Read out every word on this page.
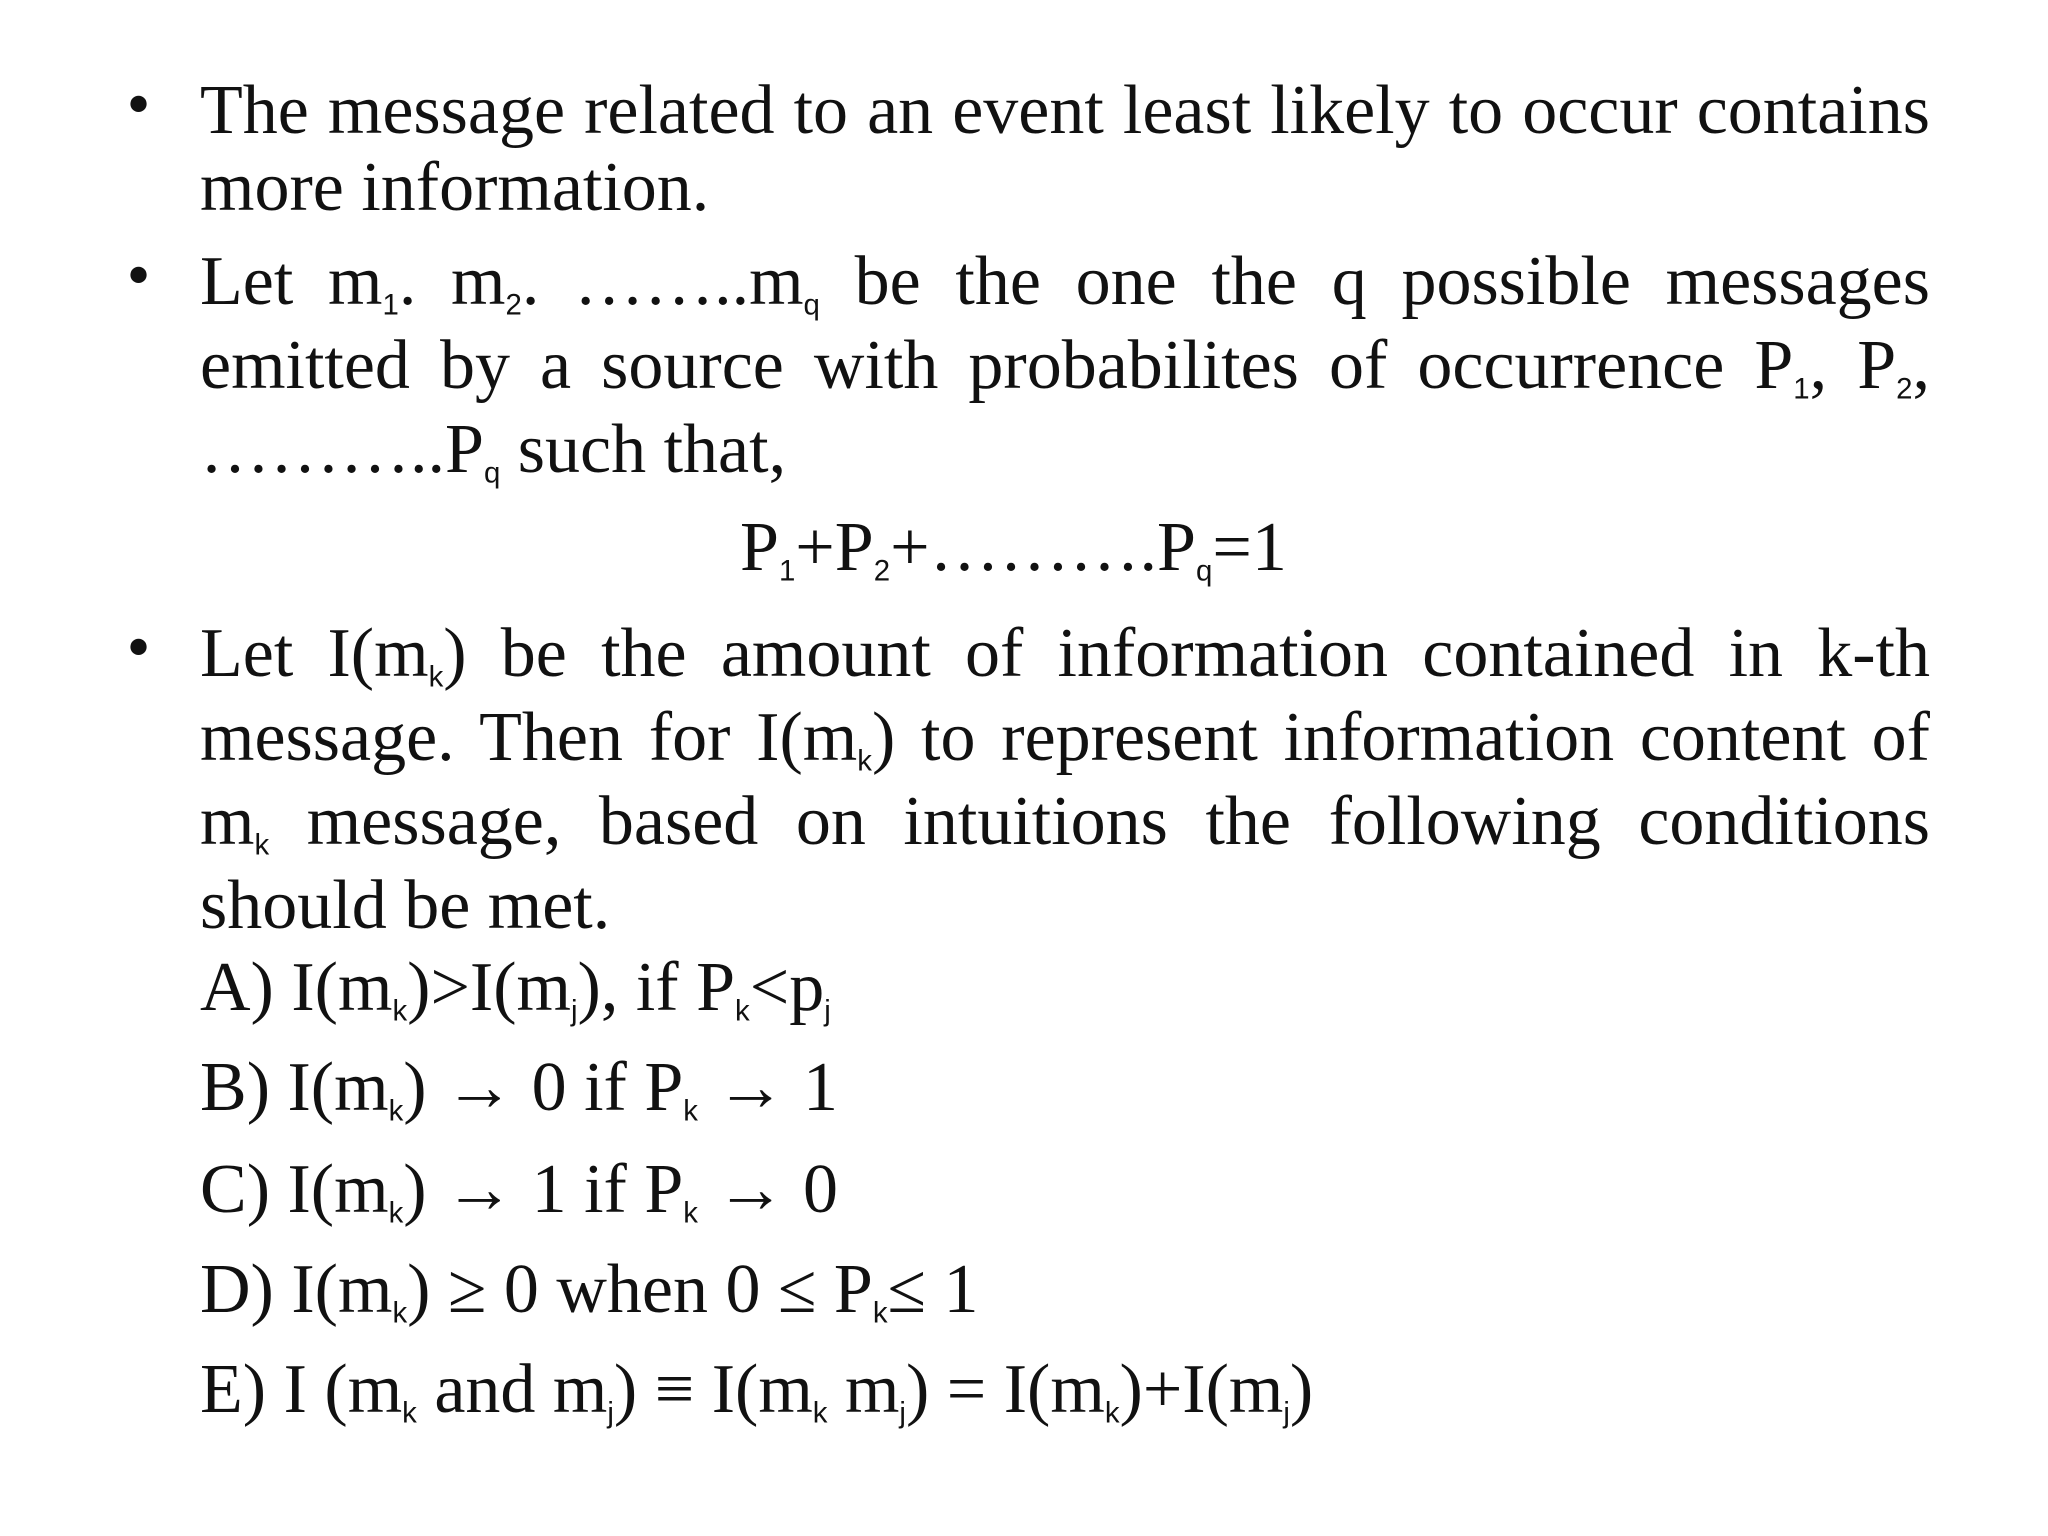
• The message related to an event least likely to occur contains more information.

• Let $m_1$. $m_2$. $\dots\dots..m_q$ be the one the q possible messages emitted by a source with probabilites of occurrence $P_1$, $P_2$, $\dots\dots\dots..P_q$ such that,

$P_1+P_2+\dots\dots\dots.P_q=1$
• Let $I(m_k)$ be the amount of information contained in k-th message. Then for $I(m_k)$ to represent information content of $m_k$ message, based on intuitions the following conditions should be met.

A) $I(m_k)>I(m_j)$, if $P_k<p_j$
B) $I(m_k) \to 0$ if $P_k \to 1$
C) $I(m_k) \to 1$ if $P_k \to 0$
D) $I(m_k) \ge 0$ when $0 \le P_k\le 1$
E) I ($m_k$ and $m_j) \equiv I(m_k$ $m_j) = I(m_k)+I(m_j)$
